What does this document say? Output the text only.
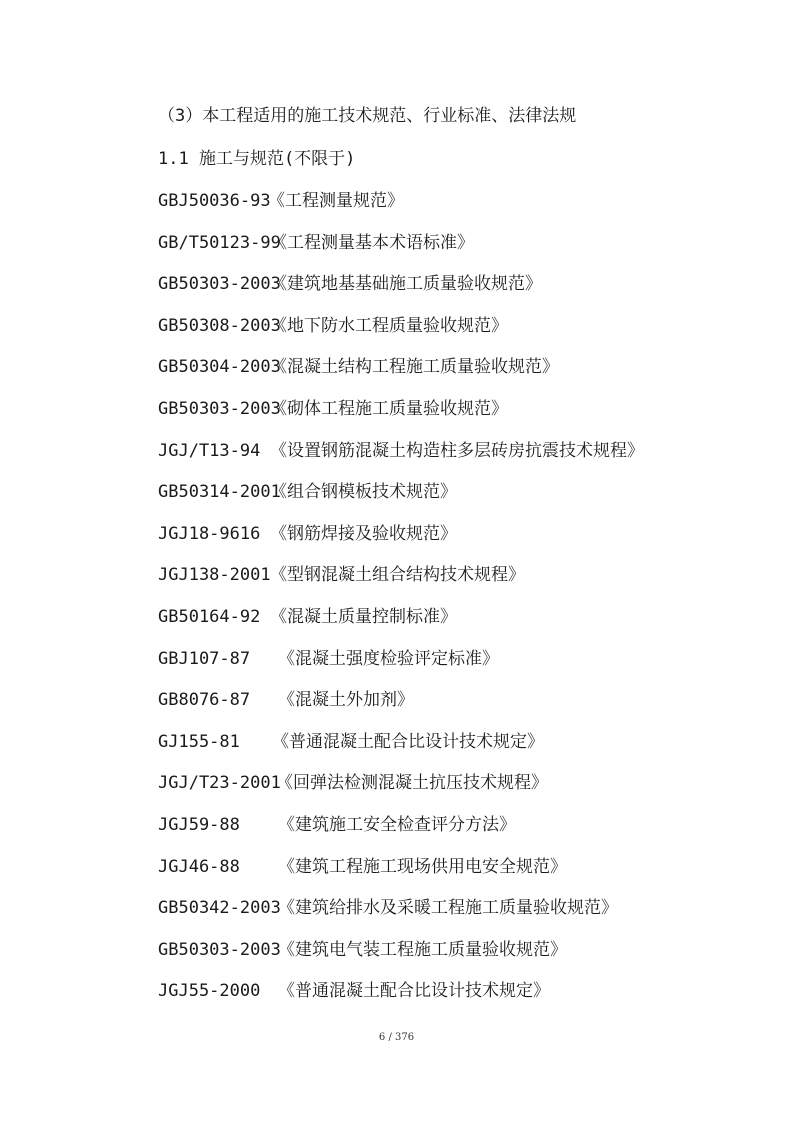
（3）本工程适用的施工技术规范、行业标准、法律法规
1.1 施工与规范(不限于)
GBJ50036-93
《工程测量规范》
GB/T50123-99
《工程测量基本术语标准》
GB50303-2003
《建筑地基基础施工质量验收规范》
GB50308-2003
《地下防水工程质量验收规范》
GB50304-2003
《混凝土结构工程施工质量验收规范》
GB50303-2003
《砌体工程施工质量验收规范》
JGJ/T13-94 《设置钢筋混凝土构造柱多层砖房抗震技术规程》
GB50314-2001
《组合钢模板技术规范》
JGJ18-9616 《钢筋焊接及验收规范》
JGJ138-2001 《型钢混凝土组合结构技术规程》
GB50164-92 《混凝土质量控制标准》
GBJ107-87 《混凝土强度检验评定标准》
GB8076-87 《混凝土外加剂》
GJ155-81 《普通混凝土配合比设计技术规定》
JGJ/T23-2001
《回弹法检测混凝土抗压技术规程》
JGJ59-88 《建筑施工安全检查评分方法》
JGJ46-88 《建筑工程施工现场供用电安全规范》
GB50342-2003
《建筑给排水及采暖工程施工质量验收规范》
GB50303-2003
《建筑电气装工程施工质量验收规范》
JGJ55-2000 《普通混凝土配合比设计技术规定》
6 / 376
